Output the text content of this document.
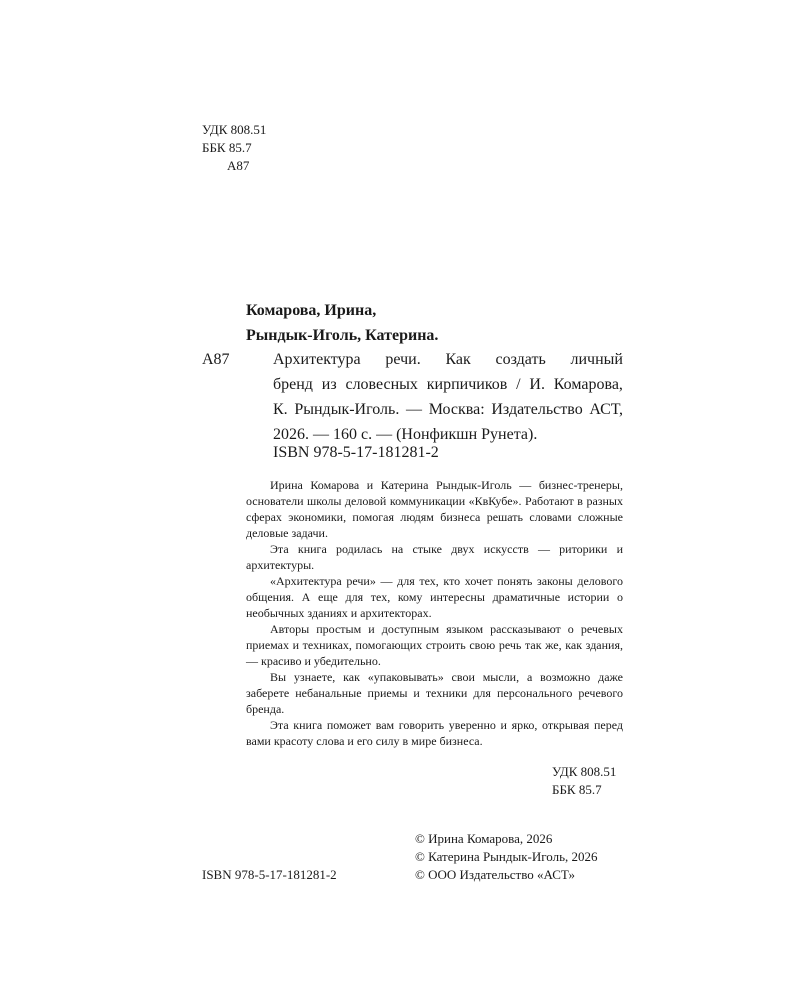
УДК 808.51
ББК 85.7
А87
Комарова, Ирина,
Рындык-Иголь, Катерина.
А87	Архитектура речи. Как создать личный
бренд из словесных кирпичиков / И. Комарова,
К. Рындык-Иголь. — Москва: Издательство АСТ,
2026. — 160 с. — (Нонфикшн Рунета).
ISBN 978-5-17-181281-2

Ирина Комарова и Катерина Рындык-Иголь — бизнес-тренеры, основатели школы деловой коммуникации «КвКубе». Работают в разных сферах экономики, помогая людям бизнеса решать словами сложные деловые задачи.

Эта книга родилась на стыке двух искусств — риторики и архитектуры.

«Архитектура речи» — для тех, кто хочет понять законы делового общения. А еще для тех, кому интересны драматичные истории о необычных зданиях и архитекторах.

Авторы простым и доступным языком рассказывают о речевых приемах и техниках, помогающих строить свою речь так же, как здания, — красиво и убедительно.

Вы узнаете, как «упаковывать» свои мысли, а возможно даже заберете небанальные приемы и техники для персонального речевого бренда.

Эта книга поможет вам говорить уверенно и ярко, открывая перед вами красоту слова и его силу в мире бизнеса.

УДК 808.51
ББК 85.7
ISBN 978-5-17-181281-2
© Ирина Комарова, 2026
© Катерина Рындык-Иголь, 2026
© ООО Издательство «АСТ»
